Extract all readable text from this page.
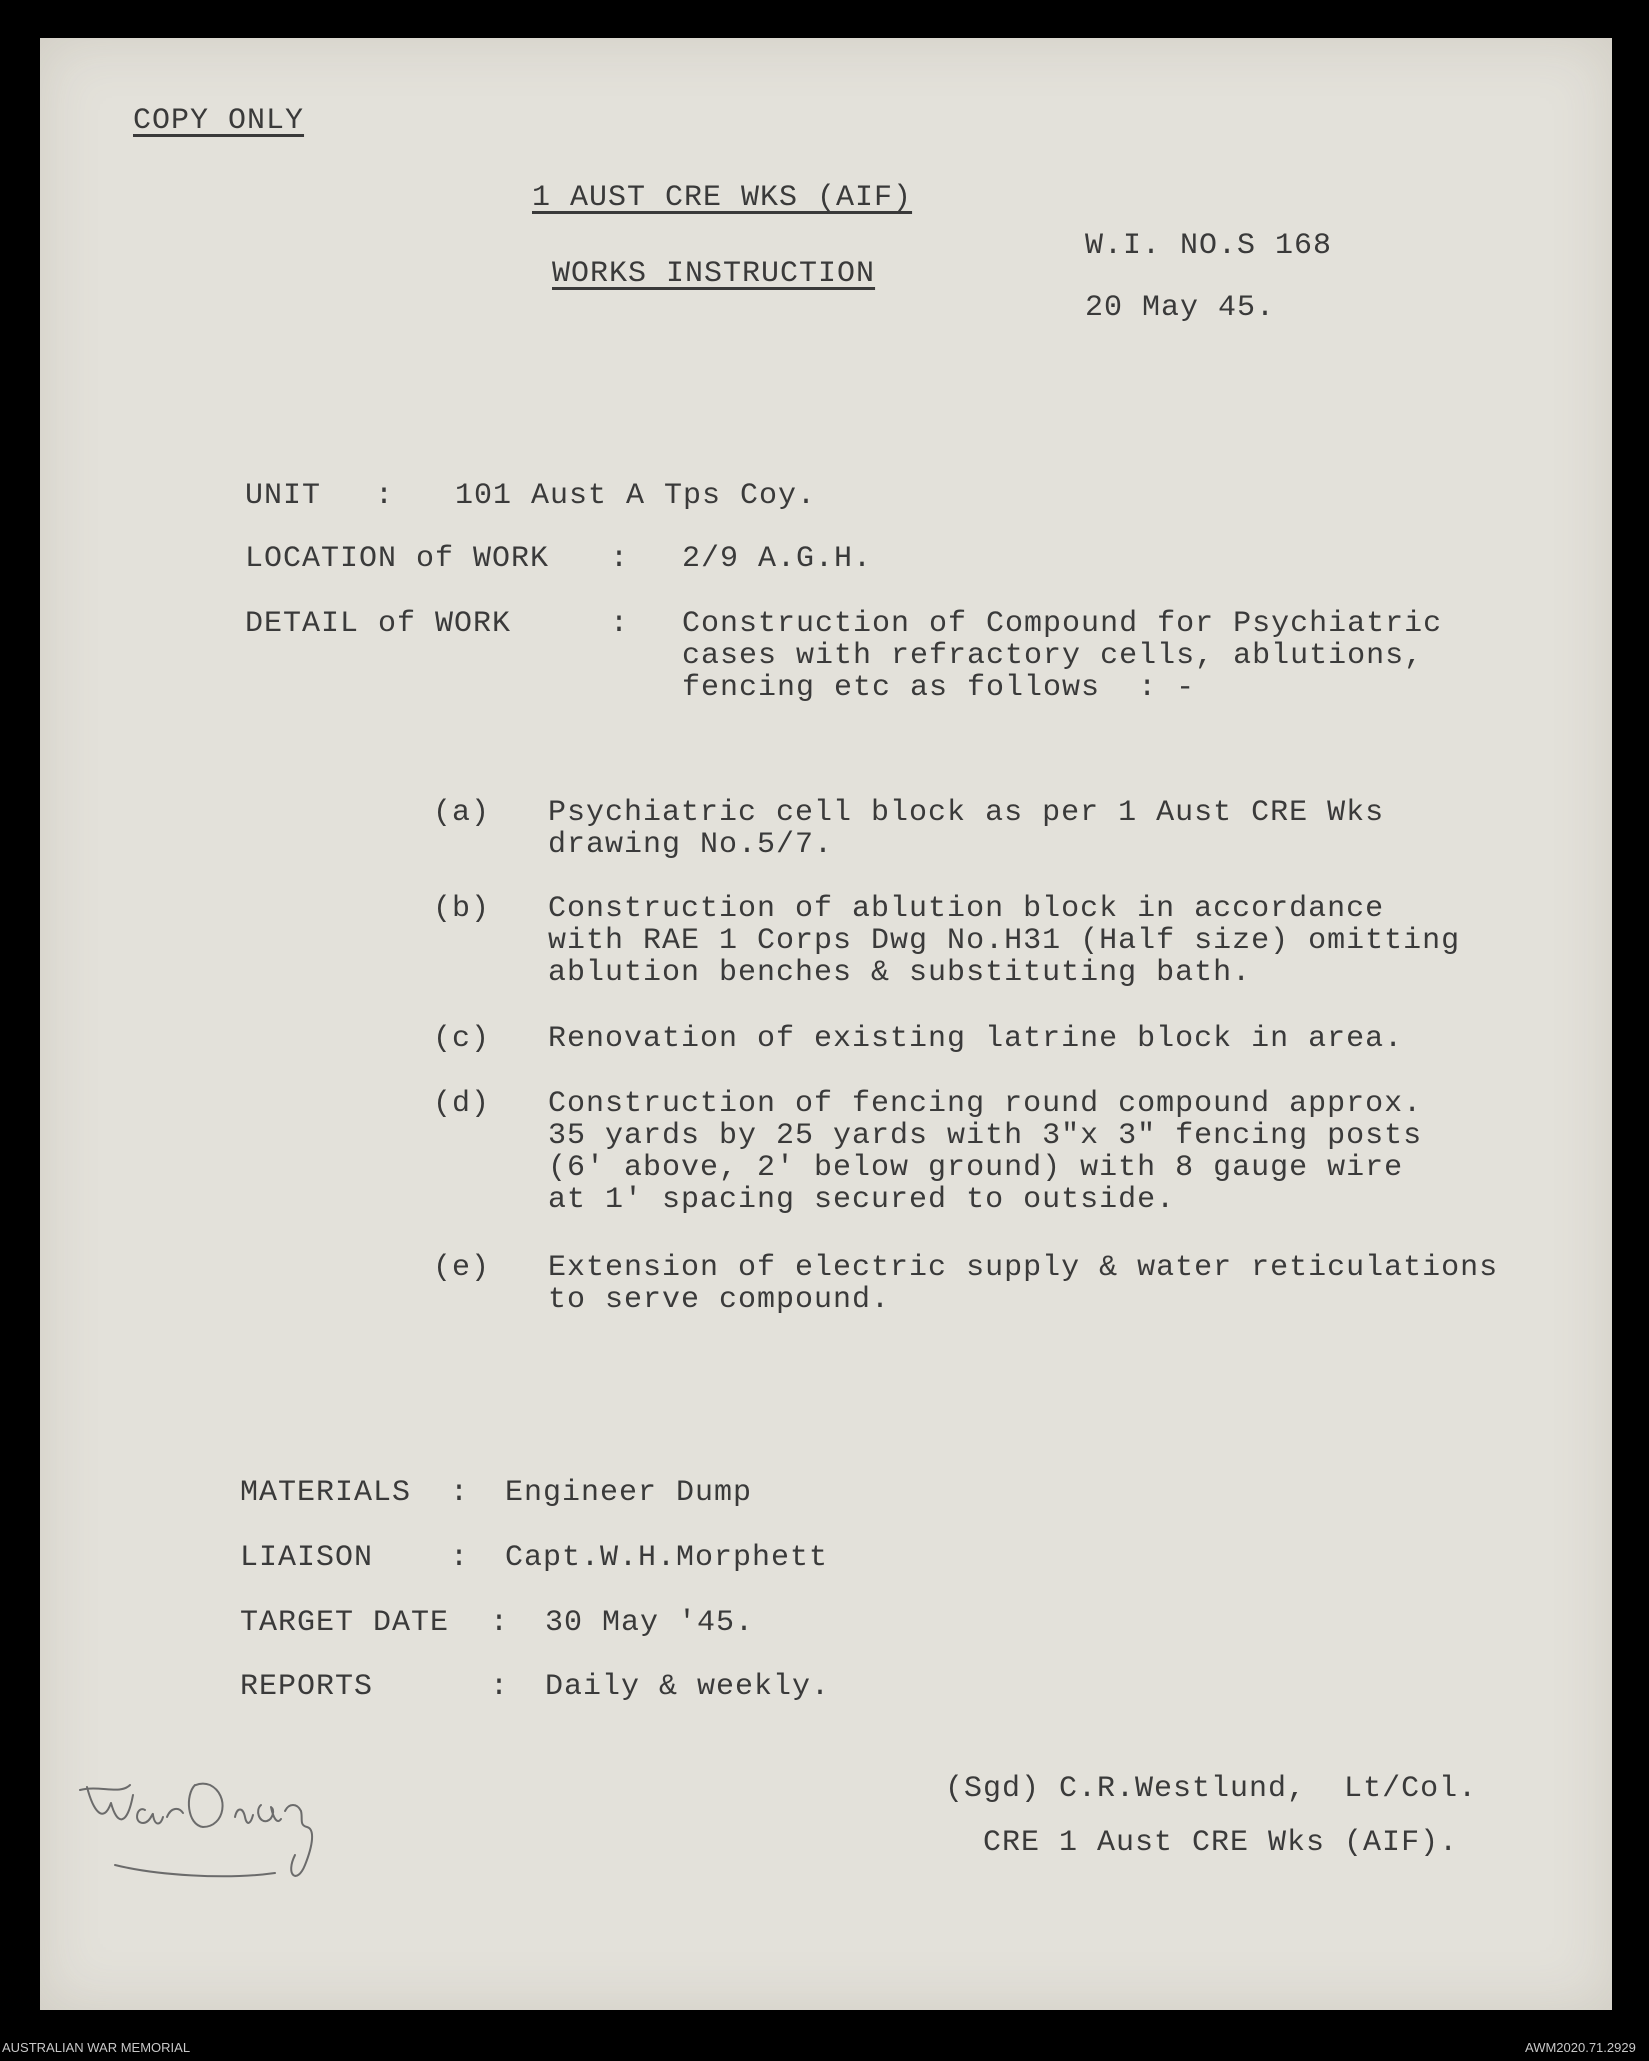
COPY ONLY
1 AUST CRE WKS (AIF)
WORKS INSTRUCTION
W.I. NO.S 168
20 May 45.
UNIT : 101 Aust A Tps Coy.
LOCATION of WORK : 2/9 A.G.H.
DETAIL of WORK	: Construction of Compound for Psychiatric
cases with refractory cells, ablutions,
fencing etc as follows  : -
(a) Psychiatric cell block as per 1 Aust CRE Wks
drawing No.5/7.
(b) Construction of ablution block in accordance
with RAE 1 Corps Dwg No.H31 (Half size) omitting
ablution benches & substituting bath.
(c) Renovation of existing latrine block in area.
(d) Construction of fencing round compound approx.
35 yards by 25 yards with 3"x 3" fencing posts
(6' above, 2' below ground) with 8 gauge wire
at 1' spacing secured to outside.
(e) Extension of electric supply & water reticulations
to serve compound.
MATERIALS : Engineer Dump
LIAISON	: Capt.W.H.Morphett
TARGET DATE : 30 May '45.
REPORTS	: Daily & weekly.
(Sgd) C.R.Westlund,  Lt/Col.
CRE 1 Aust CRE Wks (AIF).
AUSTRALIAN WAR MEMORIAL	AWM2020.71.2929
